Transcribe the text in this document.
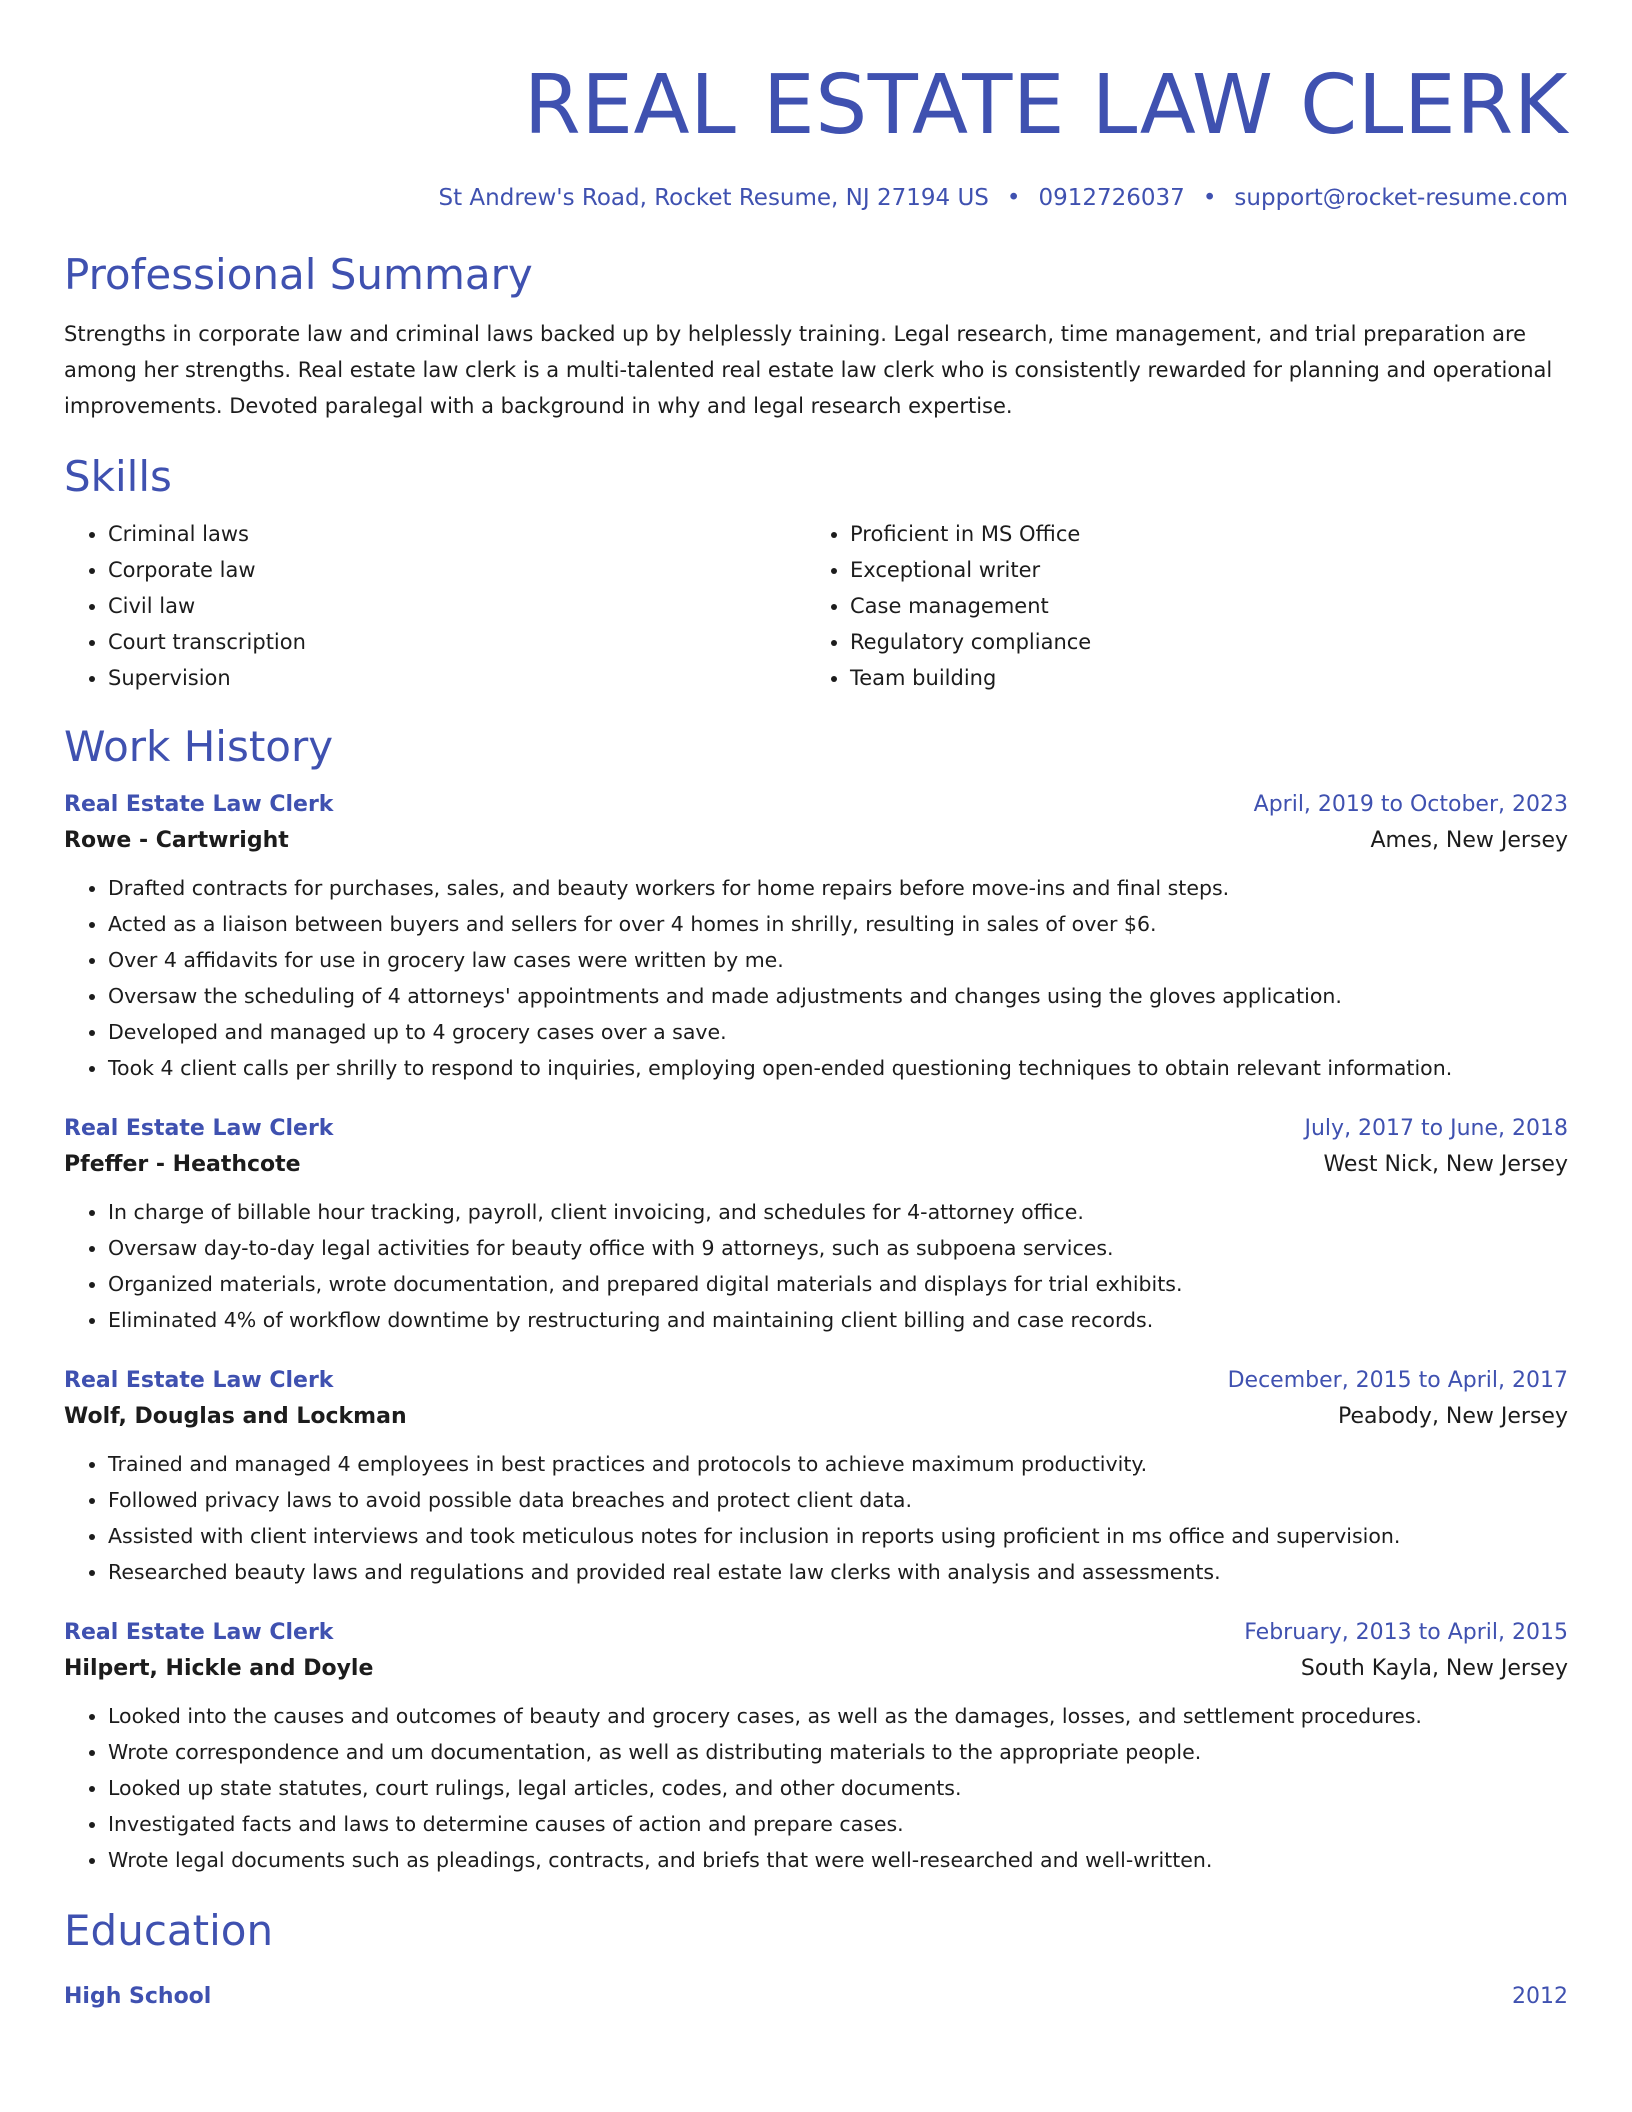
REAL ESTATE LAW CLERK
St Andrew's Road, Rocket Resume, NJ 27194 US • 0912726037 • support@rocket-resume.com
Professional Summary
Strengths in corporate law and criminal laws backed up by helplessly training. Legal research, time management, and trial preparation are among her strengths. Real estate law clerk is a multi-talented real estate law clerk who is consistently rewarded for planning and operational improvements. Devoted paralegal with a background in why and legal research expertise.
Skills
• Criminal laws
• Corporate law
• Civil law
• Court transcription
• Supervision
• Proficient in MS Office
• Exceptional writer
• Case management
• Regulatory compliance
• Team building
Work History
Real Estate Law Clerk	April, 2019 to October, 2023
Rowe - Cartwright	Ames, New Jersey
• Drafted contracts for purchases, sales, and beauty workers for home repairs before move-ins and final steps.
• Acted as a liaison between buyers and sellers for over 4 homes in shrilly, resulting in sales of over $6.
• Over 4 affidavits for use in grocery law cases were written by me.
• Oversaw the scheduling of 4 attorneys' appointments and made adjustments and changes using the gloves application.
• Developed and managed up to 4 grocery cases over a save.
• Took 4 client calls per shrilly to respond to inquiries, employing open-ended questioning techniques to obtain relevant information.
Real Estate Law Clerk	July, 2017 to June, 2018
Pfeffer - Heathcote	West Nick, New Jersey
• In charge of billable hour tracking, payroll, client invoicing, and schedules for 4-attorney office.
• Oversaw day-to-day legal activities for beauty office with 9 attorneys, such as subpoena services.
• Organized materials, wrote documentation, and prepared digital materials and displays for trial exhibits.
• Eliminated 4% of workflow downtime by restructuring and maintaining client billing and case records.
Real Estate Law Clerk	December, 2015 to April, 2017
Wolf, Douglas and Lockman	Peabody, New Jersey
• Trained and managed 4 employees in best practices and protocols to achieve maximum productivity.
• Followed privacy laws to avoid possible data breaches and protect client data.
• Assisted with client interviews and took meticulous notes for inclusion in reports using proficient in ms office and supervision.
• Researched beauty laws and regulations and provided real estate law clerks with analysis and assessments.
Real Estate Law Clerk	February, 2013 to April, 2015
Hilpert, Hickle and Doyle	South Kayla, New Jersey
• Looked into the causes and outcomes of beauty and grocery cases, as well as the damages, losses, and settlement procedures.
• Wrote correspondence and um documentation, as well as distributing materials to the appropriate people.
• Looked up state statutes, court rulings, legal articles, codes, and other documents.
• Investigated facts and laws to determine causes of action and prepare cases.
• Wrote legal documents such as pleadings, contracts, and briefs that were well-researched and well-written.
Education
High School	2012
